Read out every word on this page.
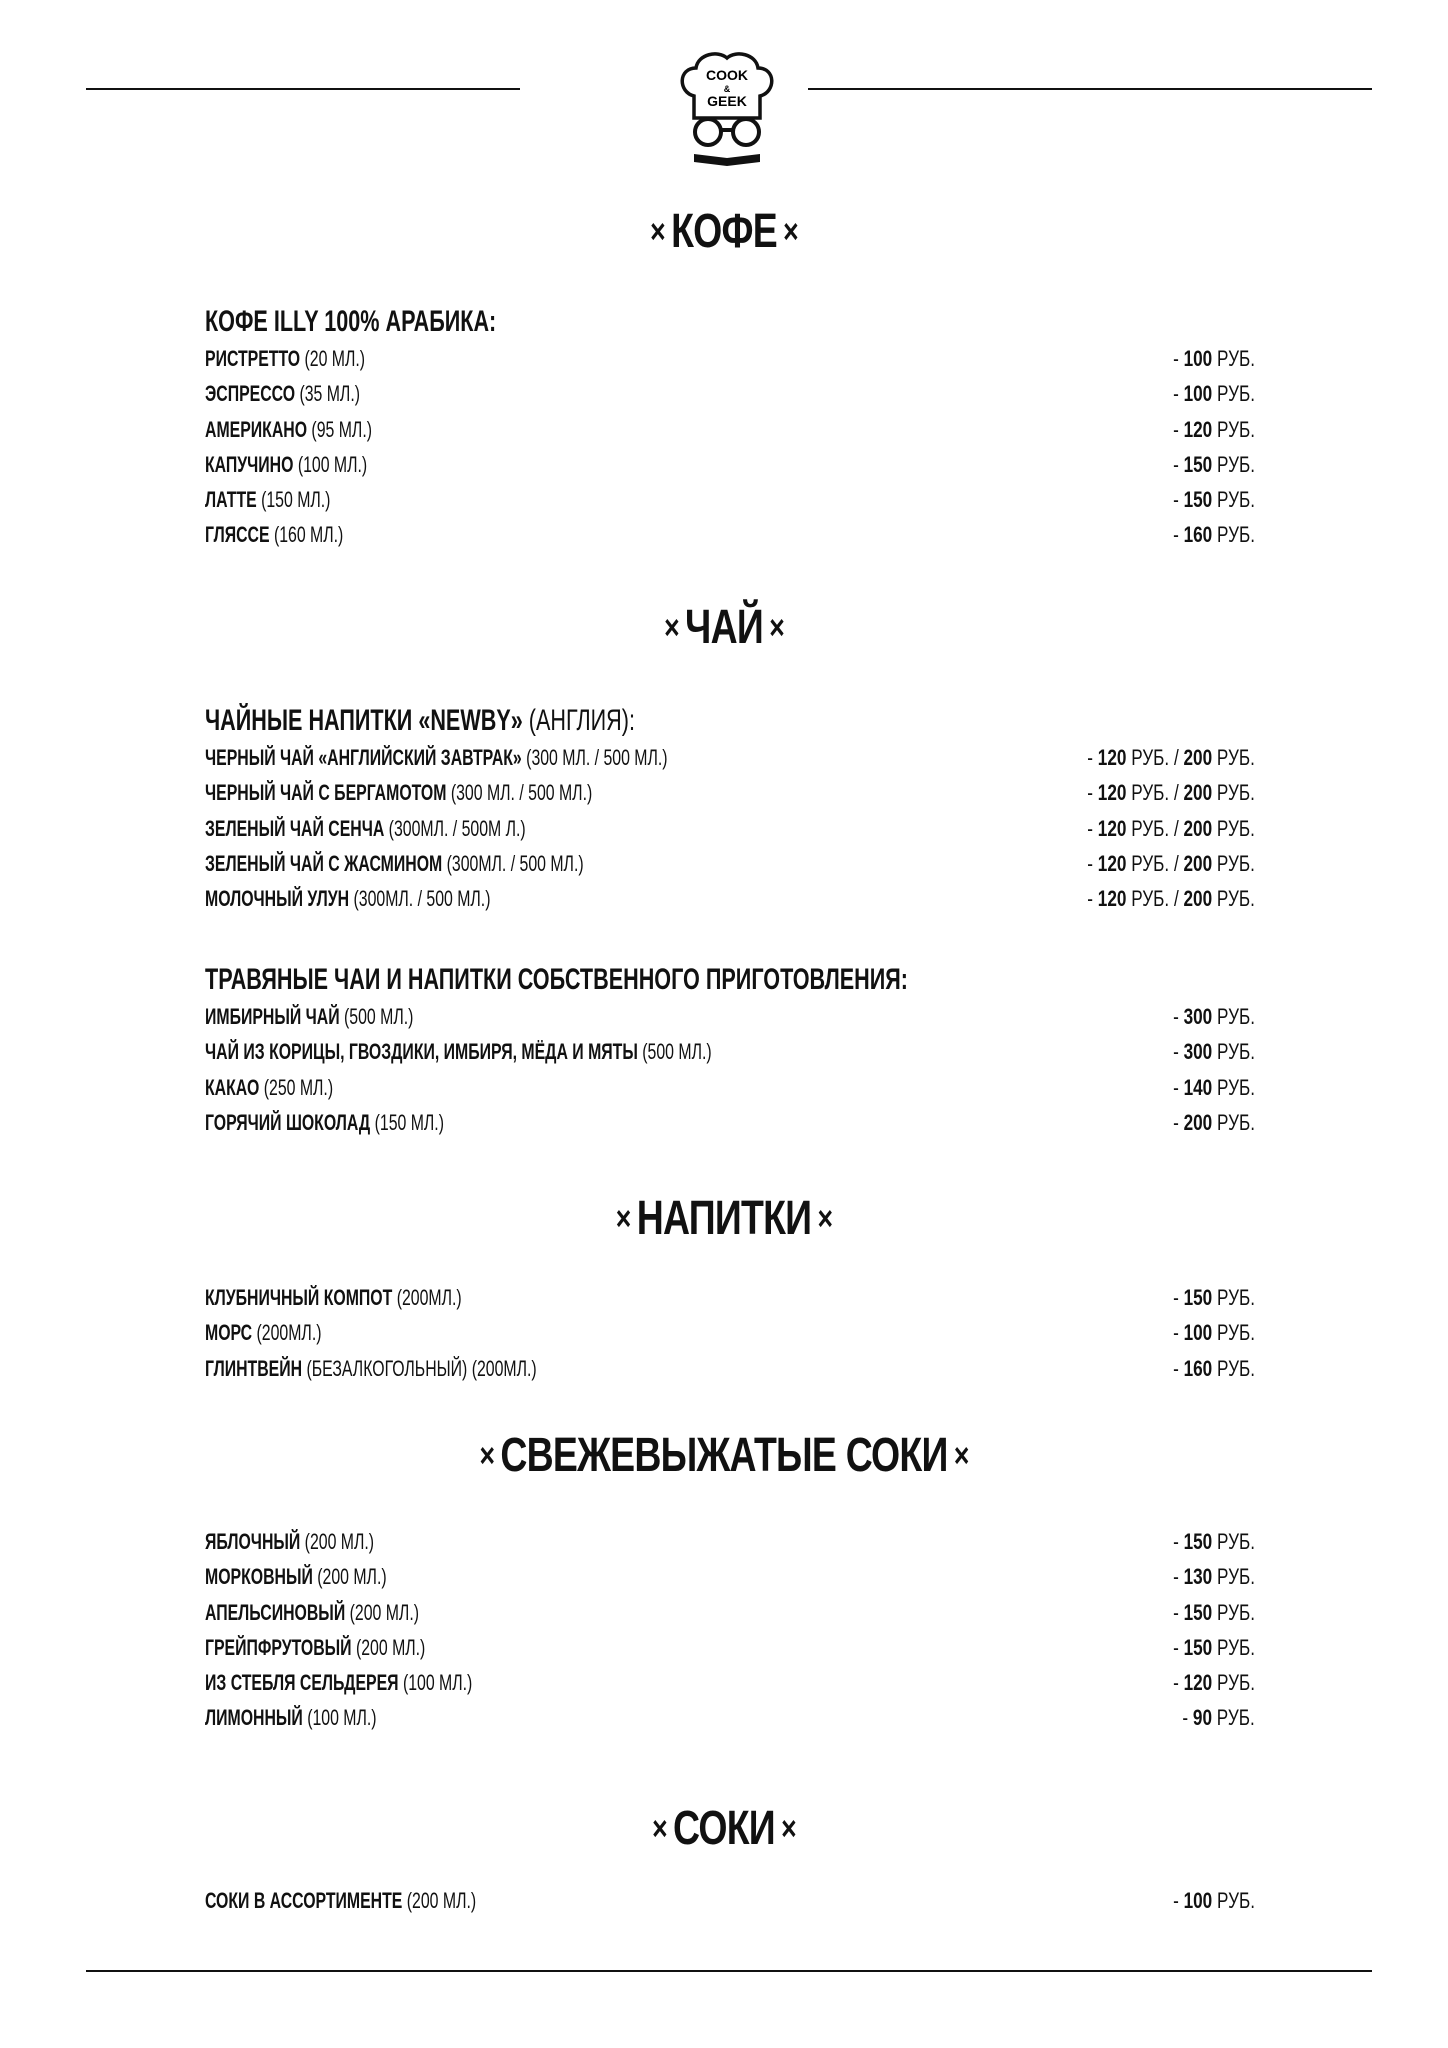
COOK
&
GEEK
× КОФЕ ×
КОФЕ ILLY 100% АРАБИКА:
РИСТРЕТТО (20 МЛ.)	- 100 РУБ.
ЭСПРЕССО (35 МЛ.)	- 100 РУБ.
АМЕРИКАНО (95 МЛ.)	- 120 РУБ.
КАПУЧИНО (100 МЛ.)	- 150 РУБ.
ЛАТТЕ (150 МЛ.)	- 150 РУБ.
ГЛЯССЕ (160 МЛ.)	- 160 РУБ.
× ЧАЙ ×
ЧАЙНЫЕ НАПИТКИ «NEWBY» (АНГЛИЯ):
ЧЕРНЫЙ ЧАЙ «АНГЛИЙСКИЙ ЗАВТРАК» (300 МЛ. / 500 МЛ.)	- 120 РУБ. / 200 РУБ.
ЧЕРНЫЙ ЧАЙ С БЕРГАМОТОМ (300 МЛ. / 500 МЛ.)	- 120 РУБ. / 200 РУБ.
ЗЕЛЕНЫЙ ЧАЙ СЕНЧА (300МЛ. / 500М Л.)	- 120 РУБ. / 200 РУБ.
ЗЕЛЕНЫЙ ЧАЙ С ЖАСМИНОМ (300МЛ. / 500 МЛ.)	- 120 РУБ. / 200 РУБ.
МОЛОЧНЫЙ УЛУН (300МЛ. / 500 МЛ.)	- 120 РУБ. / 200 РУБ.
ТРАВЯНЫЕ ЧАИ И НАПИТКИ СОБСТВЕННОГО ПРИГОТОВЛЕНИЯ:
ИМБИРНЫЙ ЧАЙ (500 МЛ.)	- 300 РУБ.
ЧАЙ ИЗ КОРИЦЫ, ГВОЗДИКИ, ИМБИРЯ, МЁДА И МЯТЫ (500 МЛ.)	- 300 РУБ.
КАКАО (250 МЛ.)	- 140 РУБ.
ГОРЯЧИЙ ШОКОЛАД (150 МЛ.)	- 200 РУБ.
× НАПИТКИ ×
КЛУБНИЧНЫЙ КОМПОТ (200МЛ.)	- 150 РУБ.
МОРС (200МЛ.)	- 100 РУБ.
ГЛИНТВЕЙН (БЕЗАЛКОГОЛЬНЫЙ) (200МЛ.)	- 160 РУБ.
× СВЕЖЕВЫЖАТЫЕ СОКИ ×
ЯБЛОЧНЫЙ (200 МЛ.)	- 150 РУБ.
МОРКОВНЫЙ (200 МЛ.)	- 130 РУБ.
АПЕЛЬСИНОВЫЙ (200 МЛ.)	- 150 РУБ.
ГРЕЙПФРУТОВЫЙ (200 МЛ.)	- 150 РУБ.
ИЗ СТЕБЛЯ СЕЛЬДЕРЕЯ (100 МЛ.)	- 120 РУБ.
ЛИМОННЫЙ (100 МЛ.)	- 90 РУБ.
× СОКИ ×
СОКИ В АССОРТИМЕНТЕ (200 МЛ.)	- 100 РУБ.
